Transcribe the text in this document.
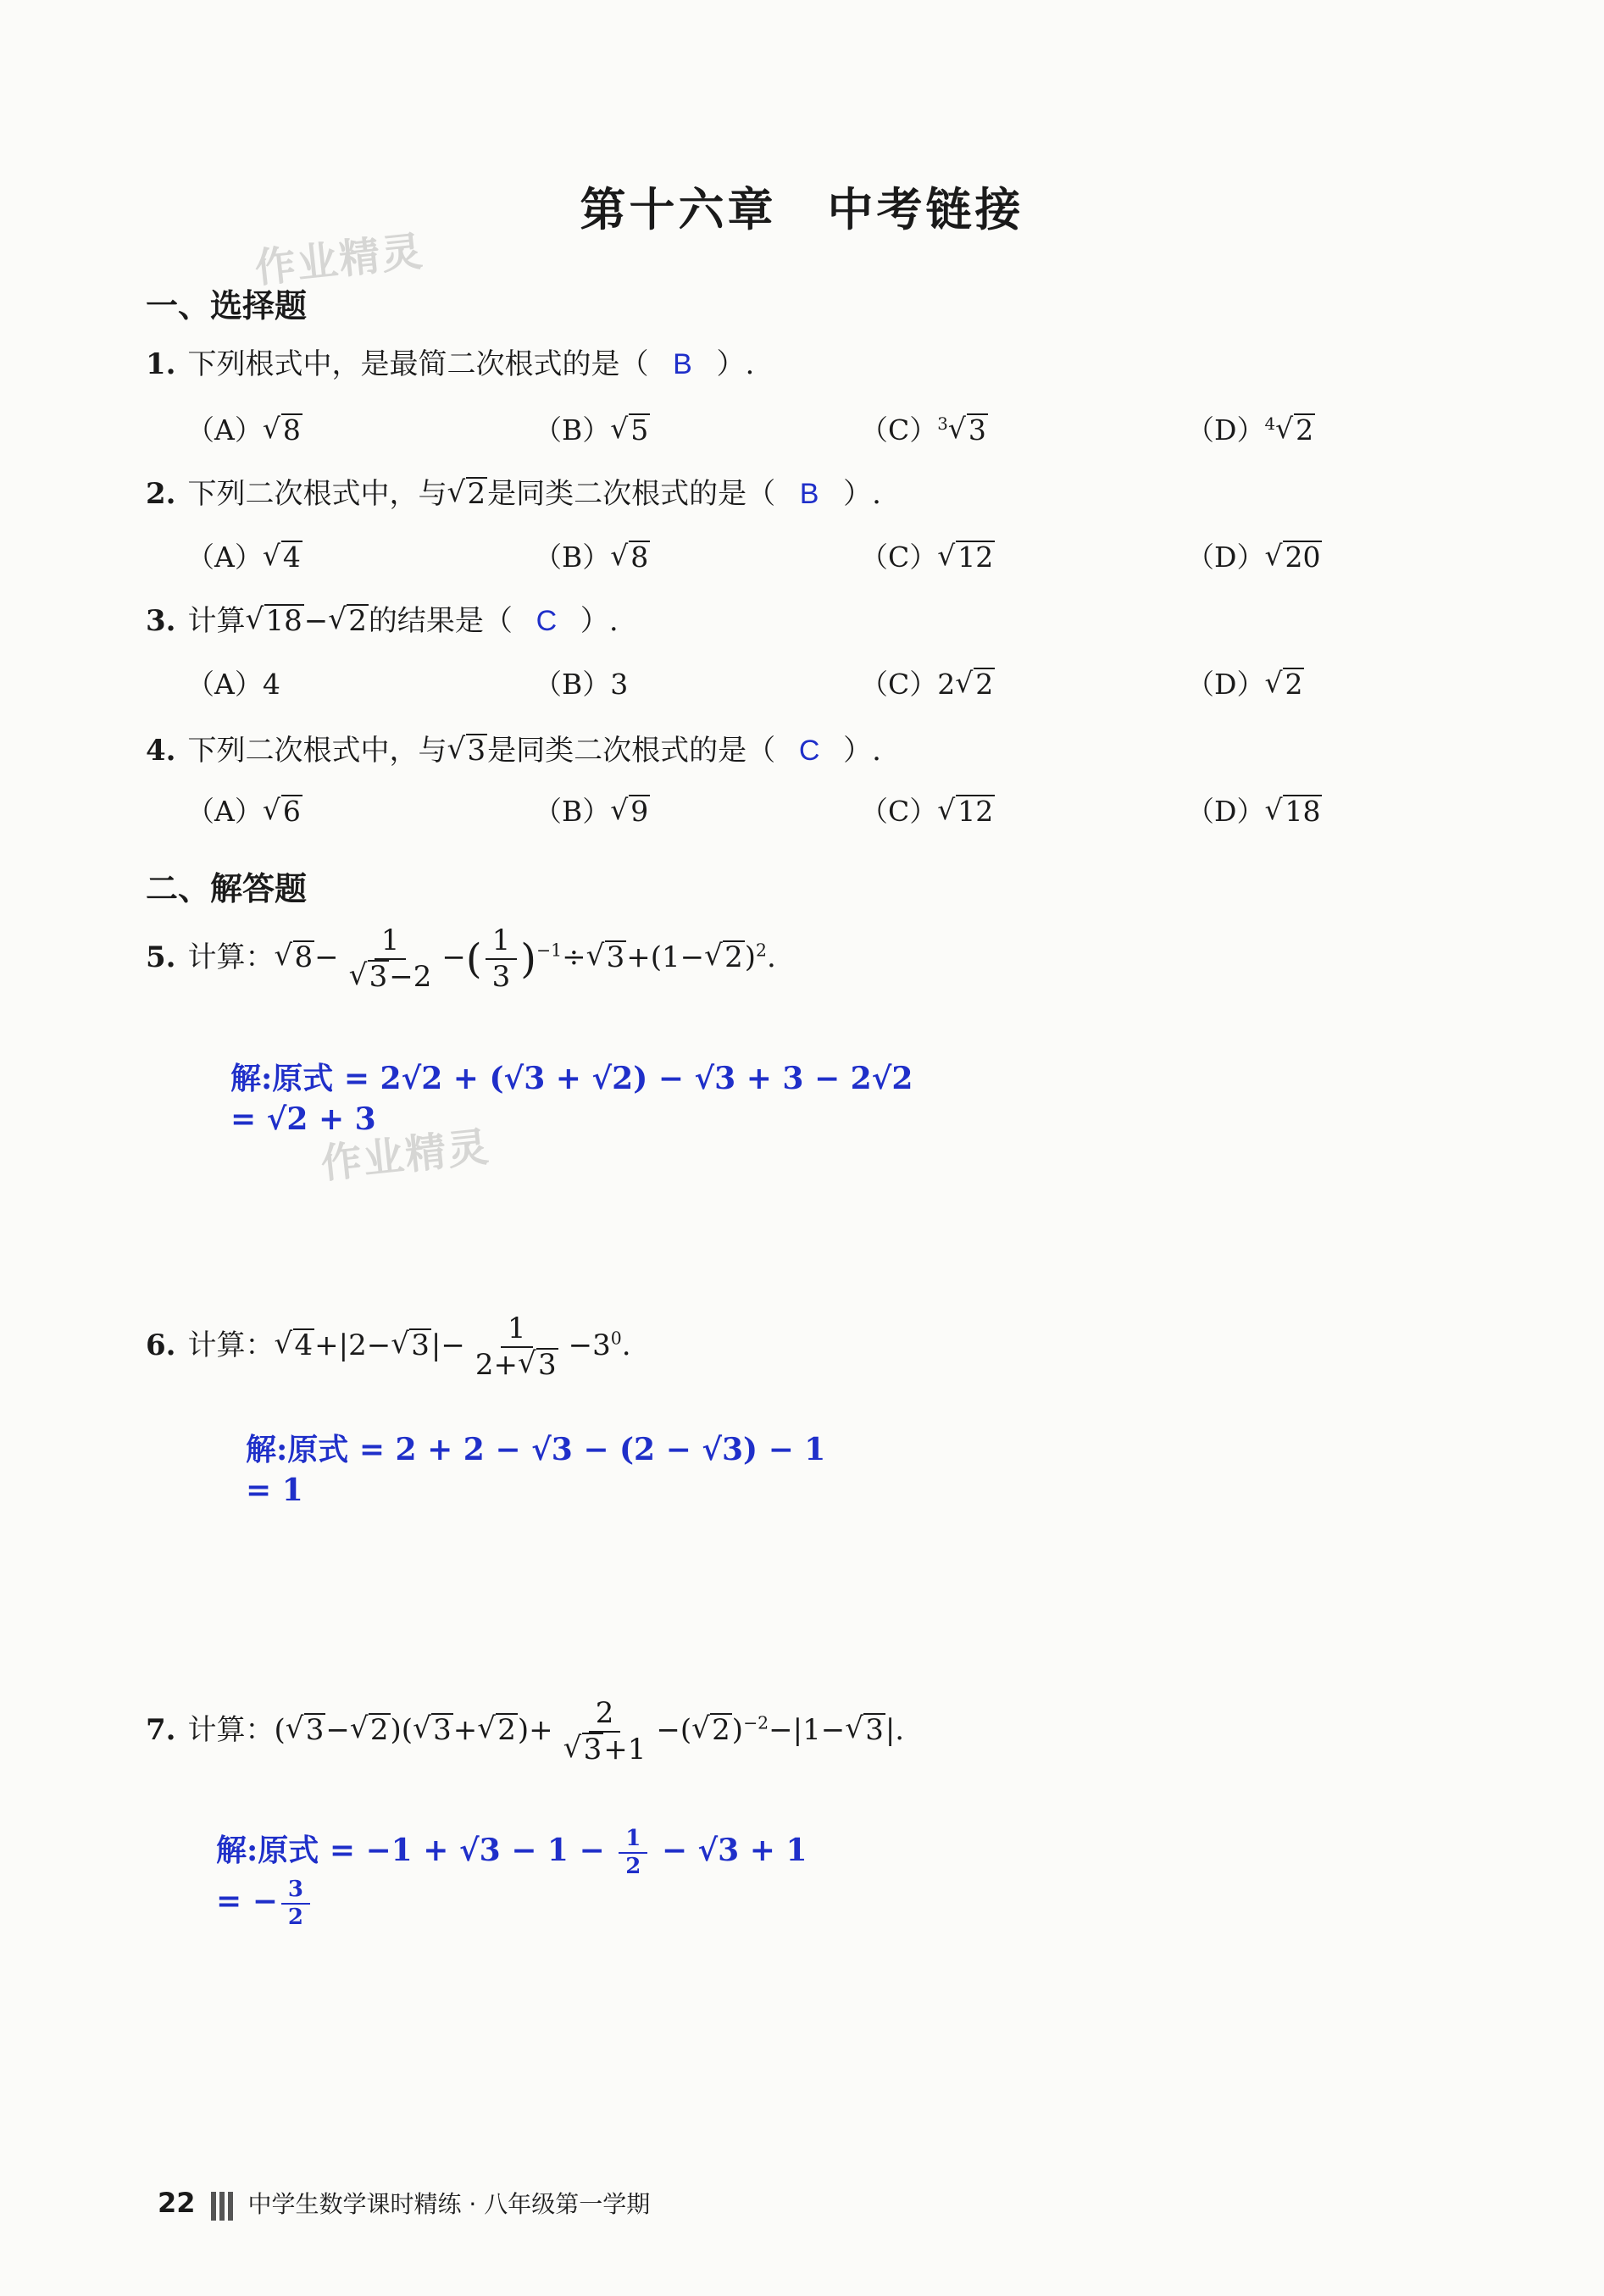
第十六章 中考链接
作业精灵
一、选择题
1. 下列根式中，是最简二次根式的是（ B ）.
（A）√ 8	（B）√ 5	$(C)^3√$ 3	$(D)^4√$ 2
2. 下列二次根式中，与√ 2是同类二次根式的是（ B ）.
（A）√ 4	（B）√ 8	（C）√ 12	（D）√ 20
3. 计算√ 18−√ 2的结果是（ C ）.
（A）4	（B）3	（C）2√ 2	（D）√ 2
4. 下列二次根式中，与√ 3是同类二次根式的是（ C ）.
（A）√ 6	（B）√ 9	（C）√ 12	（D）√ 18
二、解答题
5. 计算：√ 8− 1
√ 3−2 −( $\frac{1}{3} )^{-1}\div√$ 3+(1−√ 2)$^2$.
解:原式 = 2√2 + (√3 + √2) − √3 + 3 − 2√2
= √2 + 3
作业精灵
6. 计算：√ 4+|2−√ $3|- \frac{1}{2+√ 3} -3^0$.
解:原式 = 2 + 2 − √3 − (2 − √3) − 1
= 1
7. 计算：(√ 3−√ 2)(√ 3+√ 2)+ 2
√ 3+1 −(√ 2)$^{-2}$−|1−√ 3|.
解:原式 = $-1 + √3 - 1 - \frac{1}{2} - √3 + 1$
= − $\frac{3}{2}$
22 中学生数学课时精练 · 八年级第一学期
